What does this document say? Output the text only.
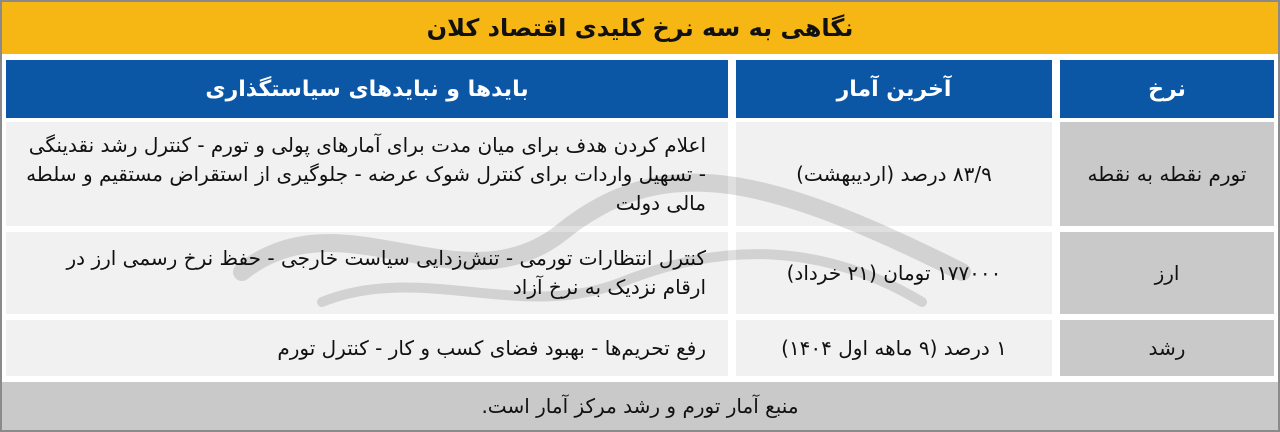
نگاهی به سه نرخ کلیدی اقتصاد کلان
نرخ
آخرین آمار
بایدها و نبایدهای سیاستگذاری
تورم نقطه به نقطه
۸۳/۹ درصد (اردیبهشت)
اعلام کردن هدف برای میان مدت برای آمارهای پولی و تورم - کنترل رشد نقدینگی - تسهیل واردات برای کنترل شوک عرضه - جلوگیری از استقراض مستقیم و سلطه مالی دولت
ارز
۱۷۷۰۰۰ تومان (۲۱ خرداد)
کنترل انتظارات تورمی - تنش‌زدایی سیاست خارجی - حفظ نرخ رسمی ارز در ارقام نزدیک به نرخ آزاد
رشد
۱ درصد (۹ ماهه اول ۱۴۰۴)
رفع تحریم‌ها - بهبود فضای کسب و کار - کنترل تورم
منبع آمار تورم و رشد مرکز آمار است.
